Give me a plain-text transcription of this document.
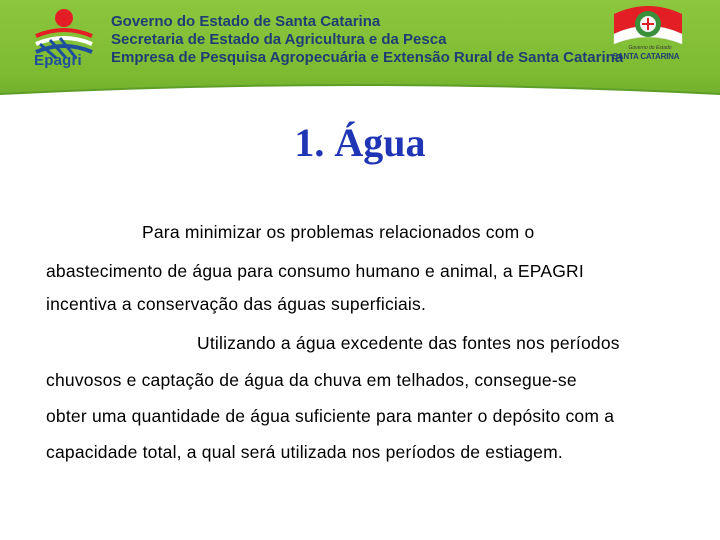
Epagri
Governo do Estado de Santa Catarina
Secretaria de Estado da Agricultura e da Pesca
Empresa de Pesquisa Agropecuária e Extensão Rural de Santa Catarina
Governo do Estado
SANTA CATARINA
1. Água
Para minimizar os problemas relacionados com o
abastecimento de água para consumo humano e animal, a EPAGRI
incentiva a conservação das águas superficiais.
Utilizando a água excedente das fontes nos períodos
chuvosos e captação de água da chuva em telhados, consegue-se
obter uma quantidade de água suficiente para manter o depósito com a
capacidade total, a qual será utilizada nos períodos de estiagem.
